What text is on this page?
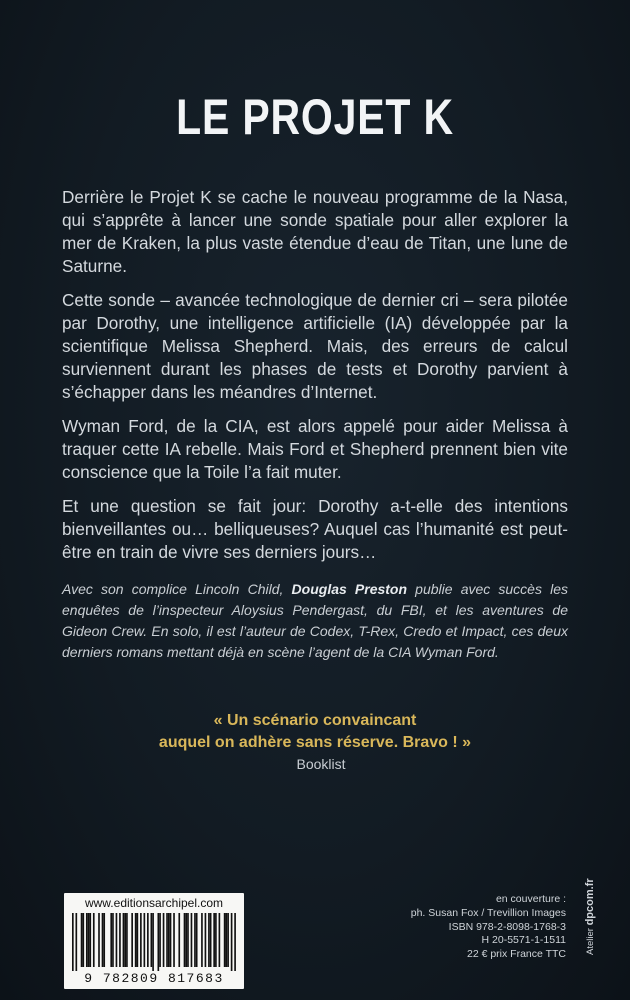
LE PROJET K

Derrière le Projet K se cache le nouveau programme de la Nasa, qui s’apprête à lancer une sonde spatiale pour aller explorer la mer de Kraken, la plus vaste étendue d’eau de Titan, une lune de Saturne.

Cette sonde – avancée technologique de dernier cri – sera pilotée par Dorothy, une intelligence artificielle (IA) développée par la scientifique Melissa Shepherd. Mais, des erreurs de calcul surviennent durant les phases de tests et Dorothy parvient à s’échapper dans les méandres d’Internet.

Wyman Ford, de la CIA, est alors appelé pour aider Melissa à traquer cette IA rebelle. Mais Ford et Shepherd prennent bien vite conscience que la Toile l’a fait muter.

Et une question se fait jour: Dorothy a-t-elle des intentions bienveillantes ou… belliqueuses? Auquel cas l’humanité est peut-être en train de vivre ses derniers jours…

Avec son complice Lincoln Child, Douglas Preston publie avec succès les enquêtes de l’inspecteur Aloysius Pendergast, du FBI, et les aventures de Gideon Crew. En solo, il est l’auteur de Codex, T-Rex, Credo et Impact, ces deux derniers romans mettant déjà en scène l’agent de la CIA Wyman Ford.
« Un scénario convaincant
auquel on adhère sans réserve. Bravo ! »
Booklist
www.editionsarchipel.com
9 782809 817683
en couverture :
ph. Susan Fox / Trevillion Images
ISBN 978-2-8098-1768-3
H 20-5571-1-1511
22 € prix France TTC Atelier dpcom.fr
